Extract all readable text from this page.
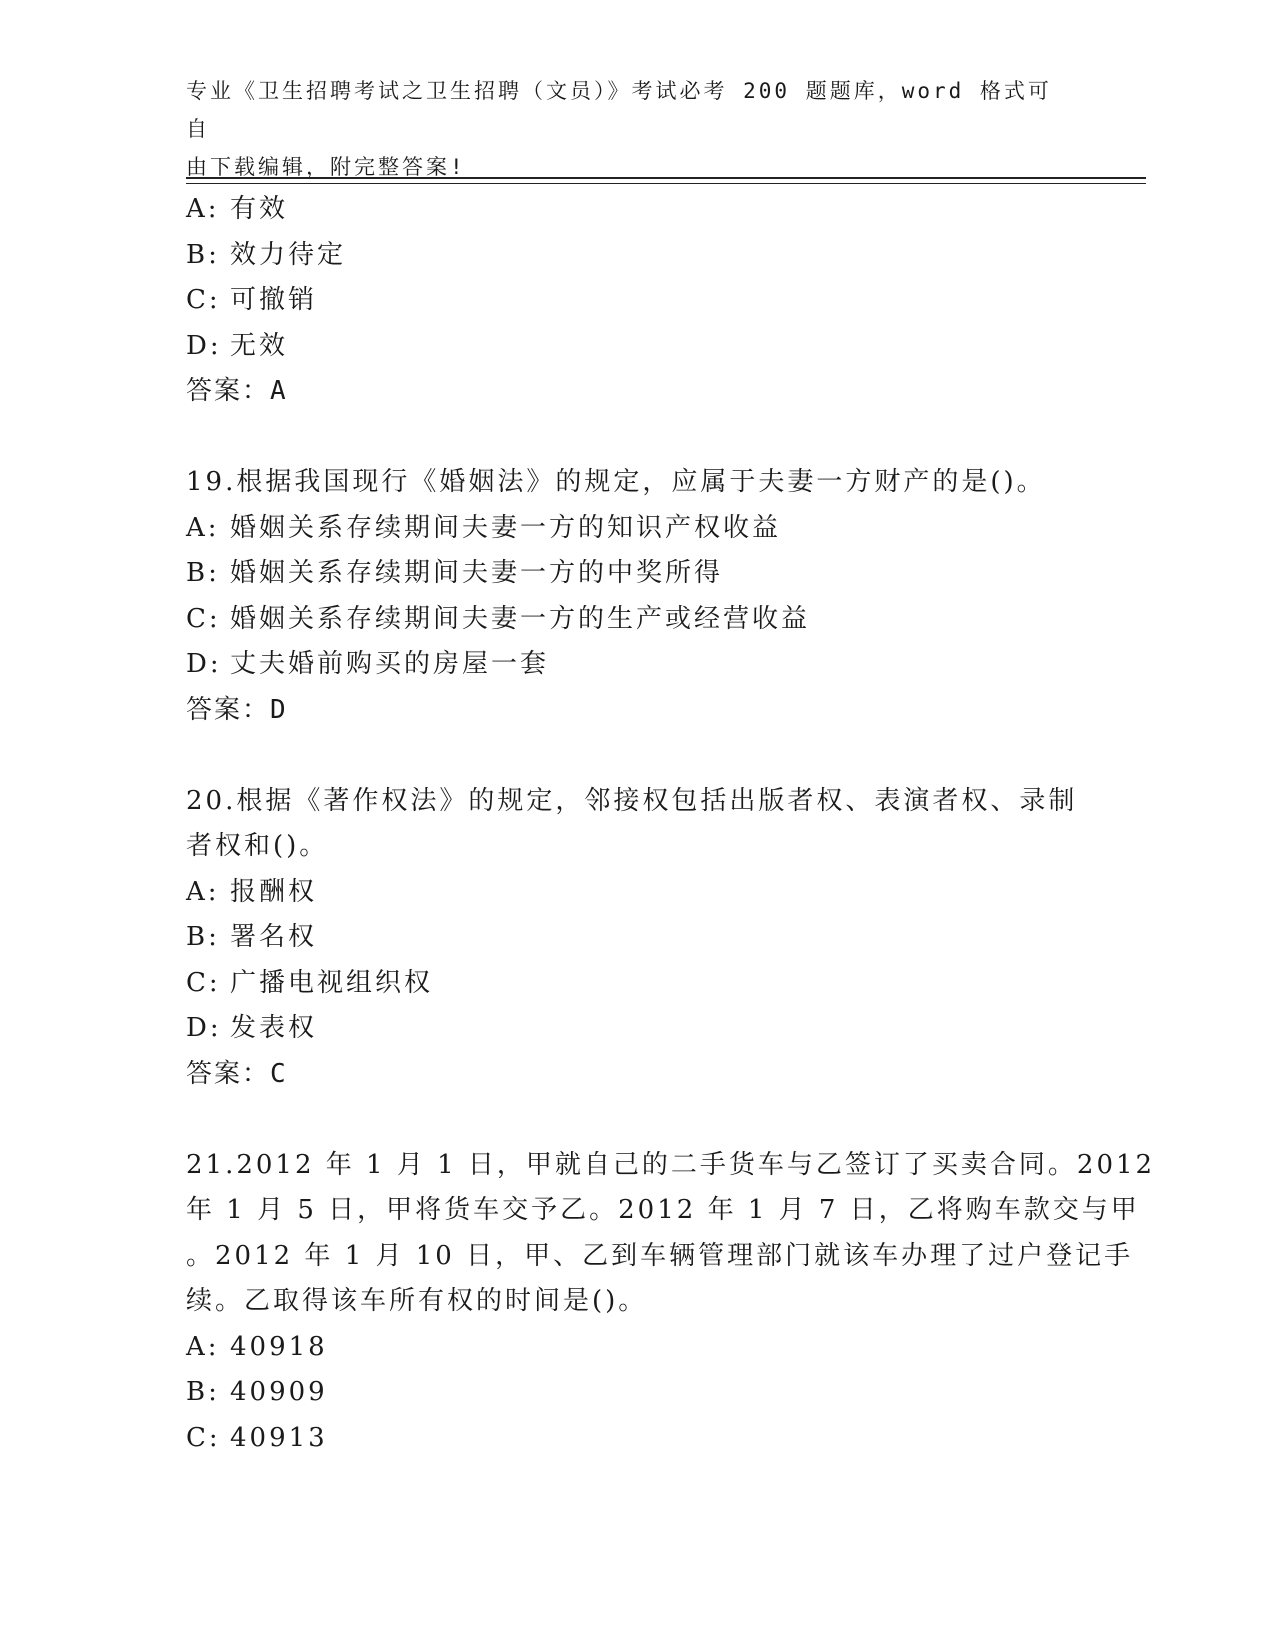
专业《卫生招聘考试之卫生招聘（文员）》考试必考 200 题题库，word 格式可自
由下载编辑，附完整答案!
A: 有效
B: 效力待定
C: 可撤销
D: 无效
答案：A
19.根据我国现行《婚姻法》的规定，应属于夫妻一方财产的是()。
A: 婚姻关系存续期间夫妻一方的知识产权收益
B: 婚姻关系存续期间夫妻一方的中奖所得
C: 婚姻关系存续期间夫妻一方的生产或经营收益
D: 丈夫婚前购买的房屋一套
答案：D
20.根据《著作权法》的规定，邻接权包括出版者权、表演者权、录制
者权和()。
A: 报酬权
B: 署名权
C: 广播电视组织权
D: 发表权
答案：C
21.2012 年 1 月 1 日，甲就自己的二手货车与乙签订了买卖合同。2012
年 1 月 5 日，甲将货车交予乙。2012 年 1 月 7 日，乙将购车款交与甲
。2012 年 1 月 10 日，甲、乙到车辆管理部门就该车办理了过户登记手
续。乙取得该车所有权的时间是()。
A: 40918
B: 40909
C: 40913
